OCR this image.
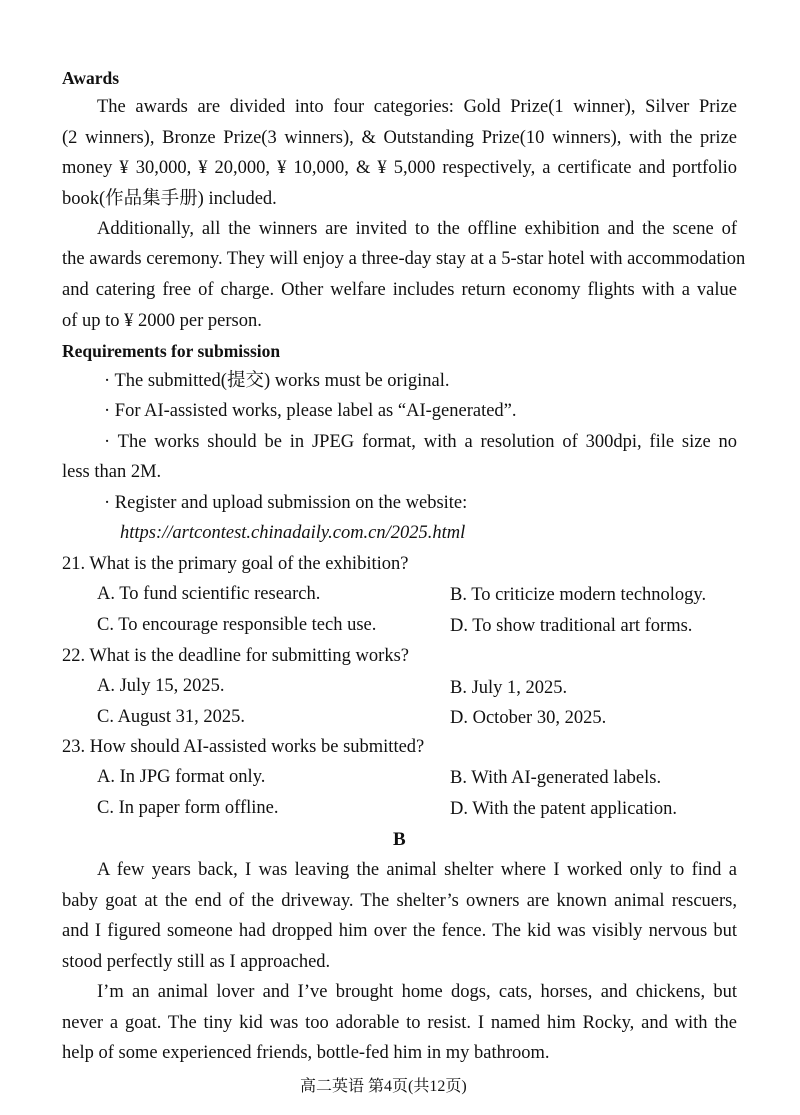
Awards
The awards are divided into four categories: Gold Prize(1 winner), Silver Prize
(2 winners), Bronze Prize(3 winners), & Outstanding Prize(10 winners), with the prize
money ¥ 30,000, ¥ 20,000, ¥ 10,000, & ¥ 5,000 respectively, a certificate and portfolio
book(作品集手册) included.
Additionally, all the winners are invited to the offline exhibition and the scene of
the awards ceremony. They will enjoy a three-day stay at a 5-star hotel with accommodation
and catering free of charge. Other welfare includes return economy flights with a value
of up to ¥ 2000 per person.
Requirements for submission
· The submitted(提交) works must be original.
· For AI-assisted works, please label as “AI-generated”.
· The works should be in JPEG format, with a resolution of 300dpi, file size no
less than 2M.
· Register and upload submission on the website:
https://artcontest.chinadaily.com.cn/2025.html
21. What is the primary goal of the exhibition?
A. To fund scientific research.	B. To criticize modern technology.
C. To encourage responsible tech use.	D. To show traditional art forms.
22. What is the deadline for submitting works?
A. July 15, 2025.	B. July 1, 2025.
C. August 31, 2025.	D. October 30, 2025.
23. How should AI-assisted works be submitted?
A. In JPG format only.	B. With AI-generated labels.
C. In paper form offline.	D. With the patent application.
B
A few years back, I was leaving the animal shelter where I worked only to find a
baby goat at the end of the driveway. The shelter’s owners are known animal rescuers,
and I figured someone had dropped him over the fence. The kid was visibly nervous but
stood perfectly still as I approached.
I’m an animal lover and I’ve brought home dogs, cats, horses, and chickens, but
never a goat. The tiny kid was too adorable to resist. I named him Rocky, and with the
help of some experienced friends, bottle-fed him in my bathroom.
高二英语 第4页(共12页)
